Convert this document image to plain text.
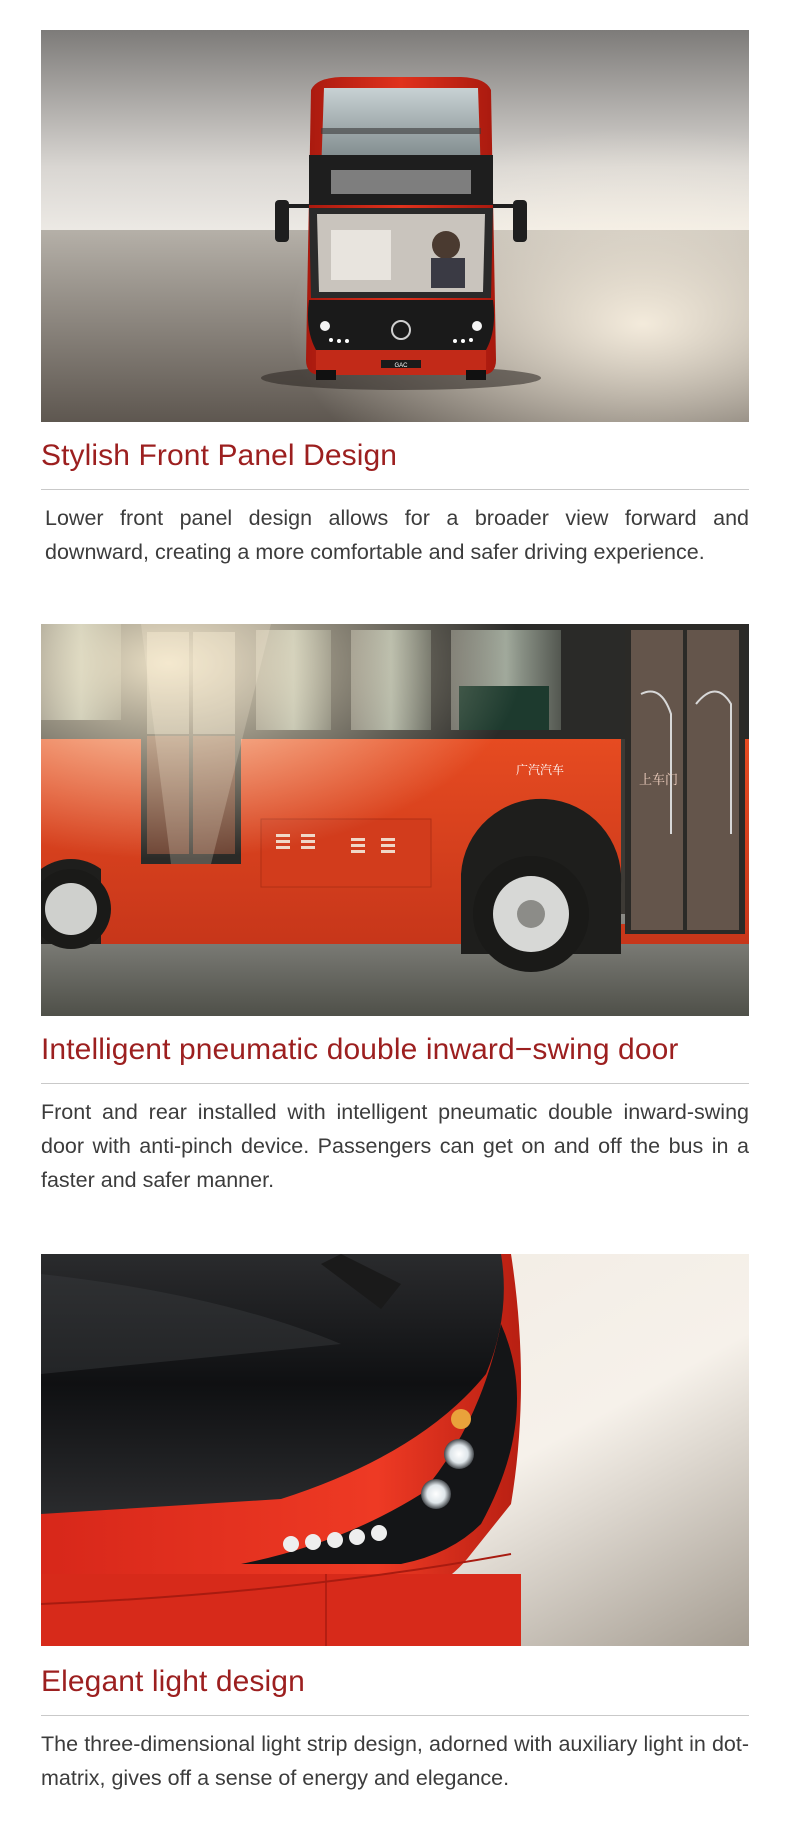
GAC
Stylish Front Panel Design

Lower front panel design allows for a broader view forward and downward, creating a more comfortable and safer driving experience.

Intelligent pneumatic double inward−swing door

Front and rear installed with intelligent pneumatic double inward-swing door with anti-pinch device. Passengers can get on and off the bus in a faster and safer manner.

Elegant light design

The three-dimensional light strip design, adorned with auxiliary light in dot-matrix, gives off a sense of energy and elegance.
